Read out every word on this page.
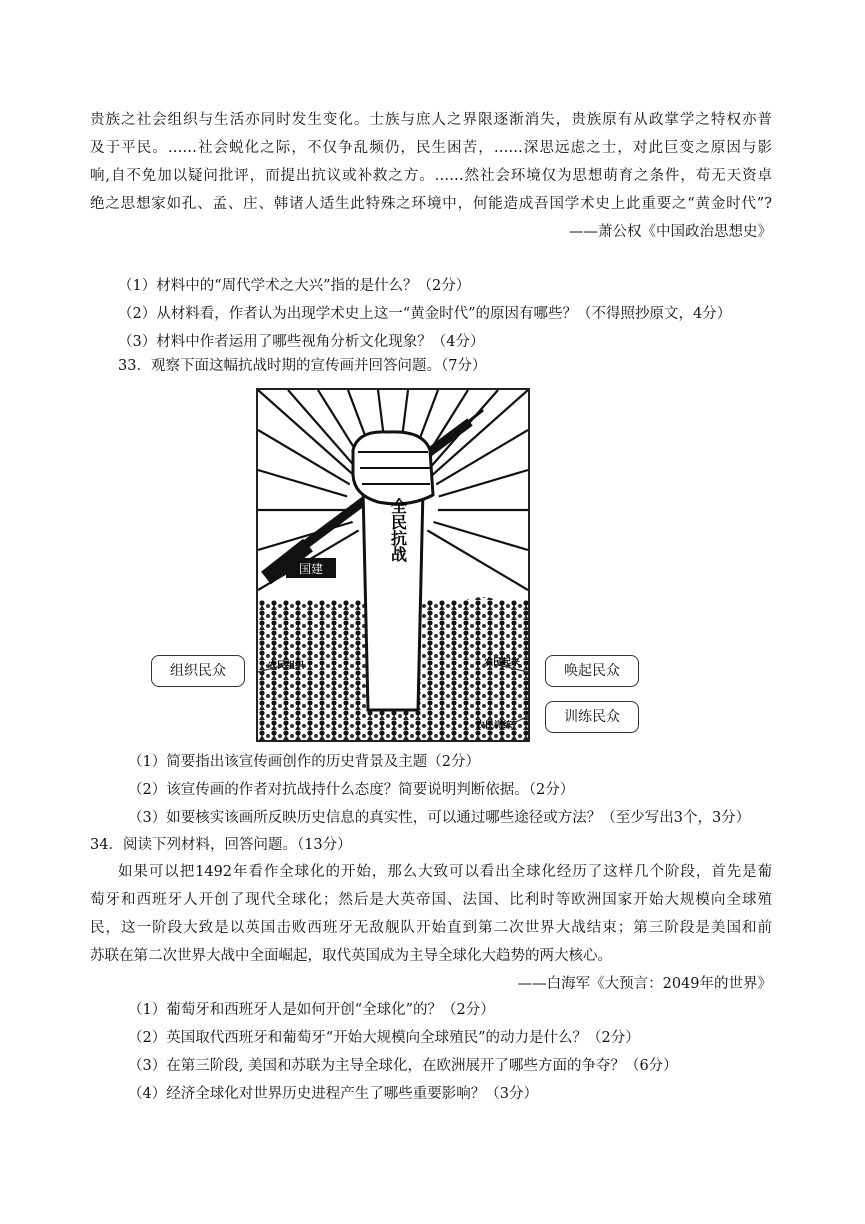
贵族之社会组织与生活亦同时发生变化。士族与庶人之界限逐渐消失，贵族原有从政掌学之特权亦普
及于平民。……社会蜕化之际，不仅争乱频仍，民生困苦，……深思远虑之士，对此巨变之原因与影
响,自不免加以疑问批评，而提出抗议或补救之方。……然社会环境仅为思想萌育之条件，苟无天资卓
绝之思想家如孔、孟、庄、韩诸人适生此特殊之环境中，何能造成吾国学术史上此重要之“黄金时代”?
——萧公权《中国政治思想史》
（1）材料中的“周代学术之大兴”指的是什么？（2分）
（2）从材料看，作者认为出现学术史上这一“黄金时代”的原因有哪些？（不得照抄原文，4分）
（3）材料中作者运用了哪些视角分析文化现象？（4分）
33．观察下面这幅抗战时期的宣传画并回答问题。（7分）
全民抗战
国建
农民组织	农民起来
农民训练
组织民众	唤起民众
训练民众
（1）简要指出该宣传画创作的历史背景及主题（2分）
（2）该宣传画的作者对抗战持什么态度？简要说明判断依据。（2分）
（3）如要核实该画所反映历史信息的真实性，可以通过哪些途径或方法？（至少写出3个，3分）
34．阅读下列材料，回答问题。（13分）
如果可以把1492年看作全球化的开始，那么大致可以看出全球化经历了这样几个阶段，首先是葡
萄牙和西班牙人开创了现代全球化；然后是大英帝国、法国、比利时等欧洲国家开始大规模向全球殖
民，这一阶段大致是以英国击败西班牙无敌舰队开始直到第二次世界大战结束；第三阶段是美国和前
苏联在第二次世界大战中全面崛起，取代英国成为主导全球化大趋势的两大核心。
——白海军《大预言：2049年的世界》
（1）葡萄牙和西班牙人是如何开创“全球化”的？（2分）
（2）英国取代西班牙和葡萄牙“开始大规模向全球殖民”的动力是什么？（2分）
（3）在第三阶段, 美国和苏联为主导全球化，在欧洲展开了哪些方面的争夺？（6分）
（4）经济全球化对世界历史进程产生了哪些重要影响？（3分）
